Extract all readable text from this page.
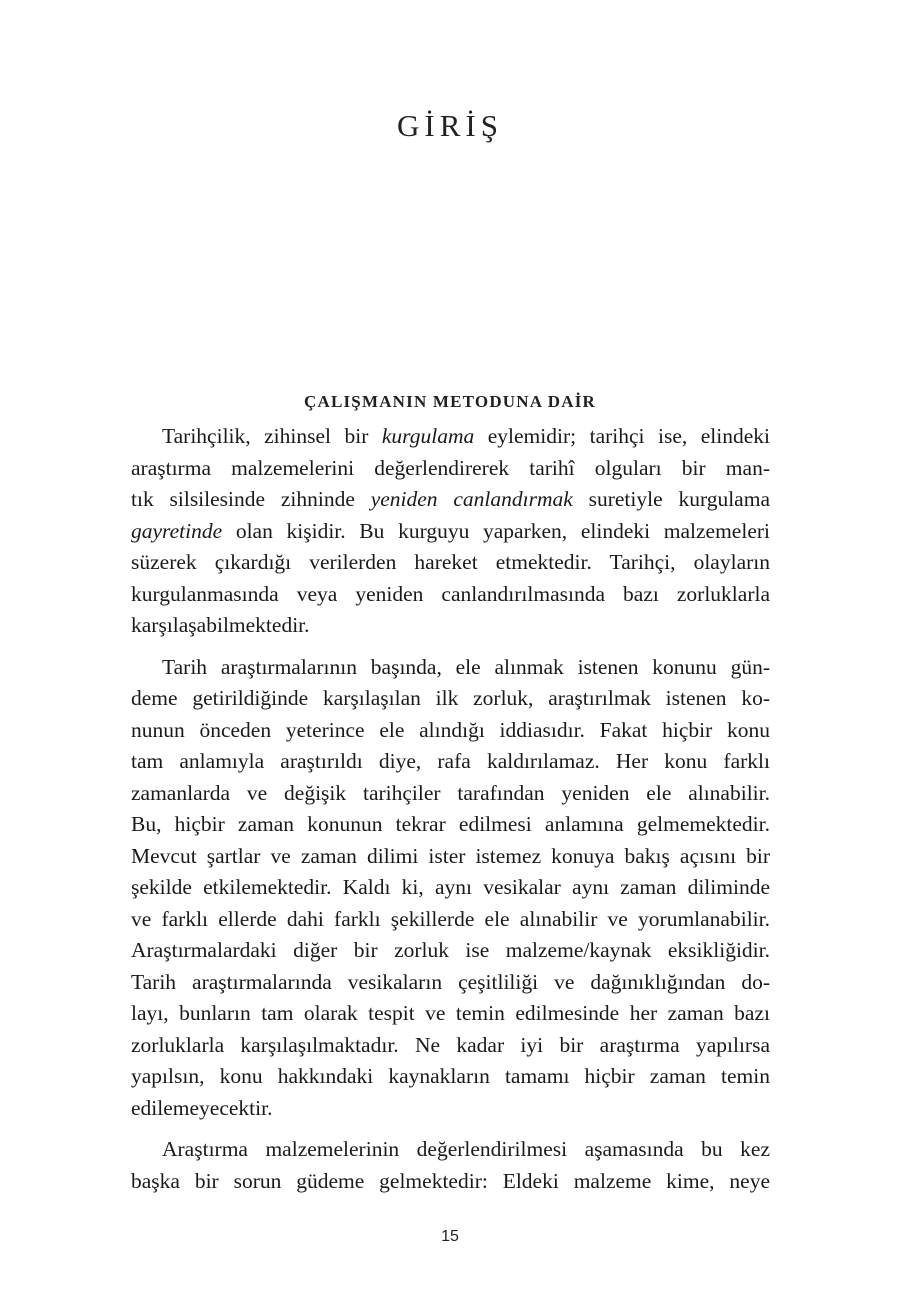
GİRİŞ
ÇALIŞMANIN METODUNA DAİR
Tarihçilik, zihinsel bir kurgulama eylemidir; tarihçi ise, elindeki
araştırma malzemelerini değerlendirerek tarihî olguları bir man-
tık silsilesinde zihninde yeniden canlandırmak suretiyle kurgulama
gayretinde olan kişidir. Bu kurguyu yaparken, elindeki malzemeleri
süzerek çıkardığı verilerden hareket etmektedir. Tarihçi, olayların
kurgulanmasında veya yeniden canlandırılmasında bazı zorluklarla
karşılaşabilmektedir.
Tarih araştırmalarının başında, ele alınmak istenen konunu gün-
deme getirildiğinde karşılaşılan ilk zorluk, araştırılmak istenen ko-
nunun önceden yeterince ele alındığı iddiasıdır. Fakat hiçbir konu
tam anlamıyla araştırıldı diye, rafa kaldırılamaz. Her konu farklı
zamanlarda ve değişik tarihçiler tarafından yeniden ele alınabilir.
Bu, hiçbir zaman konunun tekrar edilmesi anlamına gelmemektedir.
Mevcut şartlar ve zaman dilimi ister istemez konuya bakış açısını bir
şekilde etkilemektedir. Kaldı ki, aynı vesikalar aynı zaman diliminde
ve farklı ellerde dahi farklı şekillerde ele alınabilir ve yorumlanabilir.
Araştırmalardaki diğer bir zorluk ise malzeme/kaynak eksikliğidir.
Tarih araştırmalarında vesikaların çeşitliliği ve dağınıklığından do-
layı, bunların tam olarak tespit ve temin edilmesinde her zaman bazı
zorluklarla karşılaşılmaktadır. Ne kadar iyi bir araştırma yapılırsa
yapılsın, konu hakkındaki kaynakların tamamı hiçbir zaman temin
edilemeyecektir.
Araştırma malzemelerinin değerlendirilmesi aşamasında bu kez
başka bir sorun güdeme gelmektedir: Eldeki malzeme kime, neye
15
